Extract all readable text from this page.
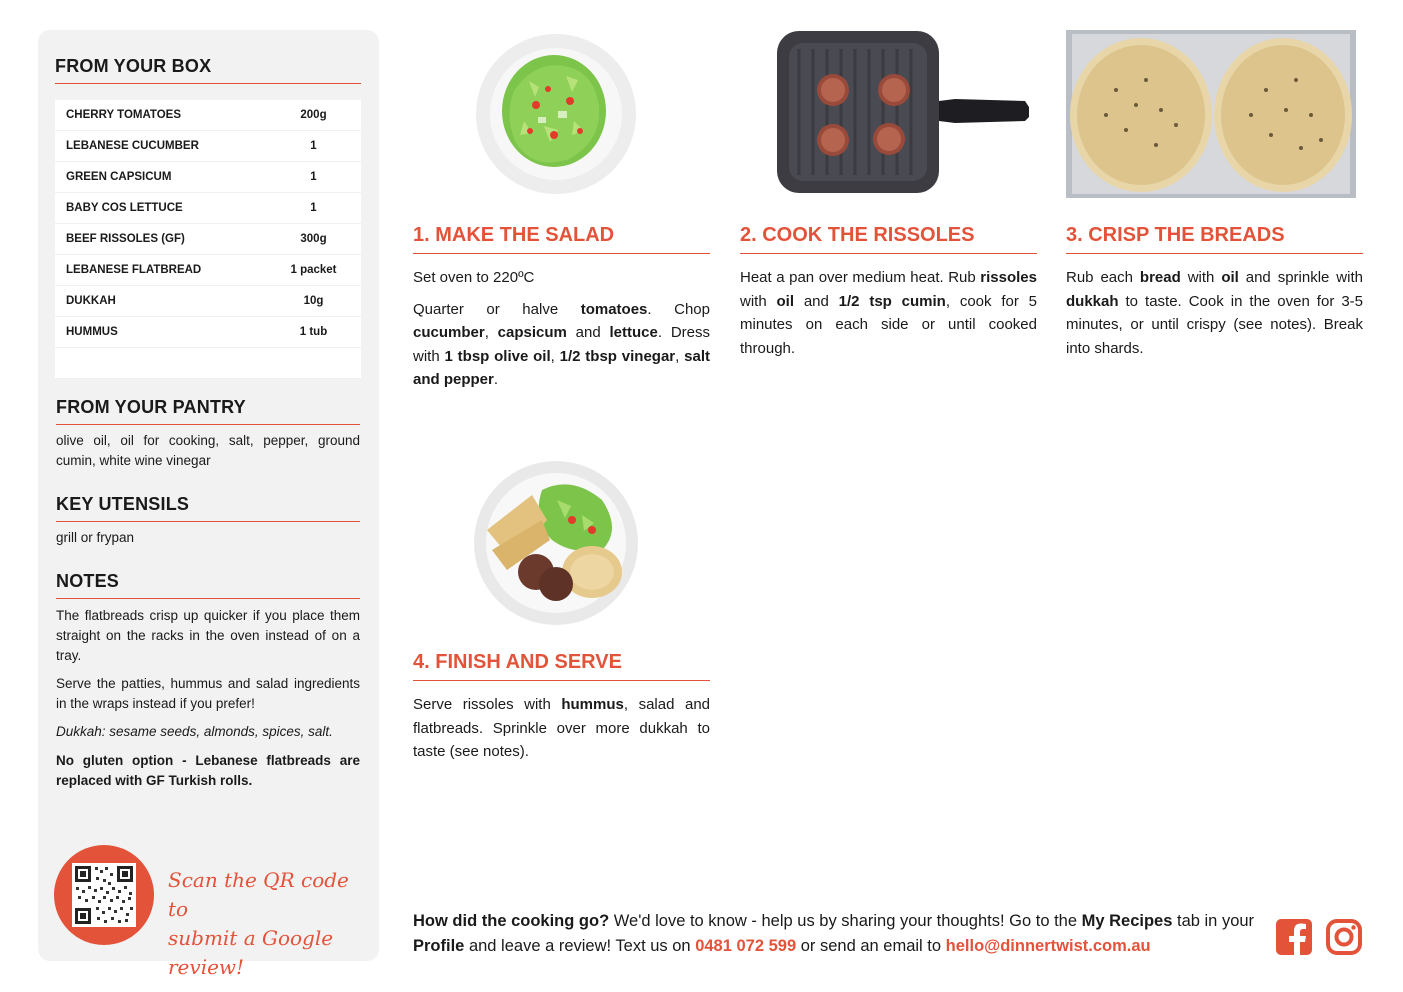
FROM YOUR BOX
CHERRY TOMATOES	200g
LEBANESE CUCUMBER	1
GREEN CAPSICUM	1
BABY COS LETTUCE	1
BEEF RISSOLES (GF)	300g
LEBANESE FLATBREAD	1 packet
DUKKAH	10g
HUMMUS	1 tub

FROM YOUR PANTRY
olive oil, oil for cooking, salt, pepper, ground cumin, white wine vinegar
KEY UTENSILS
grill or frypan
NOTES
The flatbreads crisp up quicker if you place them straight on the racks in the oven instead of on a tray.
Serve the patties, hummus and salad ingredients in the wraps instead if you prefer!
Dukkah: sesame seeds, almonds, spices, salt.
No gluten option - Lebanese flatbreads are replaced with GF Turkish rolls.
Scan the QR code to
submit a Google review!
1. MAKE THE SALAD

Set oven to 220ºC

Quarter or halve tomatoes. Chop cucumber, capsicum and lettuce. Dress with 1 tbsp olive oil, 1/2 tbsp vinegar, salt and pepper.

2. COOK THE RISSOLES

Heat a pan over medium heat. Rub rissoles with oil and 1/2 tsp cumin, cook for 5 minutes on each side or until cooked through.

3. CRISP THE BREADS

Rub each bread with oil and sprinkle with dukkah to taste. Cook in the oven for 3-5 minutes, or until crispy (see notes). Break into shards.

4. FINISH AND SERVE

Serve rissoles with hummus, salad and flatbreads. Sprinkle over more dukkah to taste (see notes).

How did the cooking go? We'd love to know - help us by sharing your thoughts! Go to the My Recipes tab in your Profile and leave a review! Text us on 0481 072 599 or send an email to hello@dinnertwist.com.au
